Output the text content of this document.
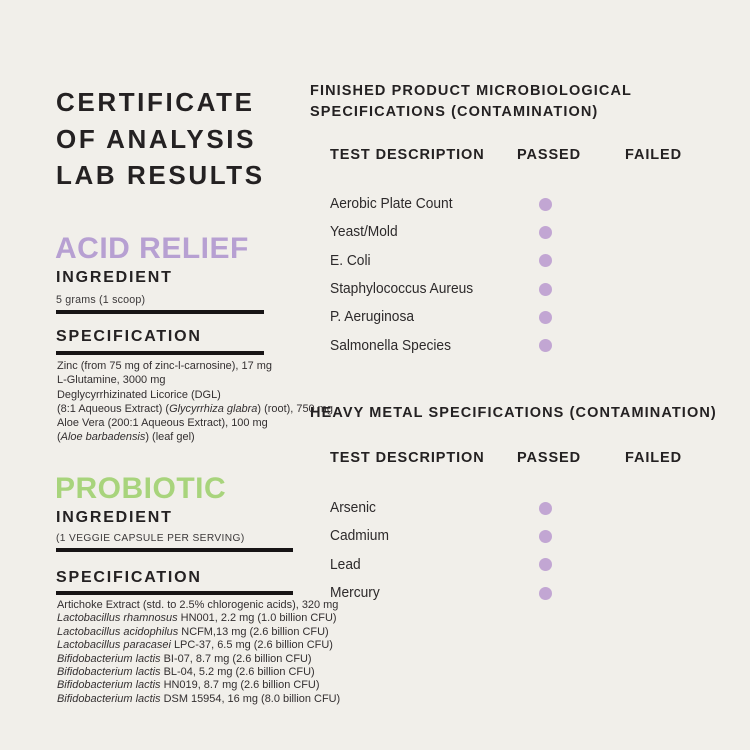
CERTIFICATE
OF ANALYSIS
LAB RESULTS
ACID RELIEF
INGREDIENT
5 grams (1 scoop)
SPECIFICATION
Zinc (from 75 mg of zinc-l-carnosine), 17 mg
L-Glutamine, 3000 mg
Deglycyrrhizinated Licorice (DGL)
(8:1 Aqueous Extract) (Glycyrrhiza glabra) (root), 750 mg
Aloe Vera (200:1 Aqueous Extract), 100 mg
(Aloe barbadensis) (leaf gel)
PROBIOTIC
INGREDIENT
(1 VEGGIE CAPSULE PER SERVING)
SPECIFICATION
Artichoke Extract (std. to 2.5% chlorogenic acids), 320 mg
Lactobacillus rhamnosus HN001, 2.2 mg (1.0 billion CFU)
Lactobacillus acidophilus NCFM,13 mg (2.6 billion CFU)
Lactobacillus paracasei LPC-37, 6.5 mg (2.6 billion CFU)
Bifidobacterium lactis BI-07, 8.7 mg (2.6 billion CFU)
Bifidobacterium lactis BL-04, 5.2 mg (2.6 billion CFU)
Bifidobacterium lactis HN019, 8.7 mg (2.6 billion CFU)
Bifidobacterium lactis DSM 15954, 16 mg (8.0 billion CFU)
FINISHED PRODUCT MICROBIOLOGICAL SPECIFICATIONS (CONTAMINATION)
TEST DESCRIPTION	PASSED	FAILED
Aerobic Plate Count
Yeast/Mold
E. Coli
Staphylococcus Aureus
P. Aeruginosa
Salmonella Species
HEAVY METAL SPECIFICATIONS (CONTAMINATION)
TEST DESCRIPTION	PASSED	FAILED
Arsenic
Cadmium
Lead
Mercury
